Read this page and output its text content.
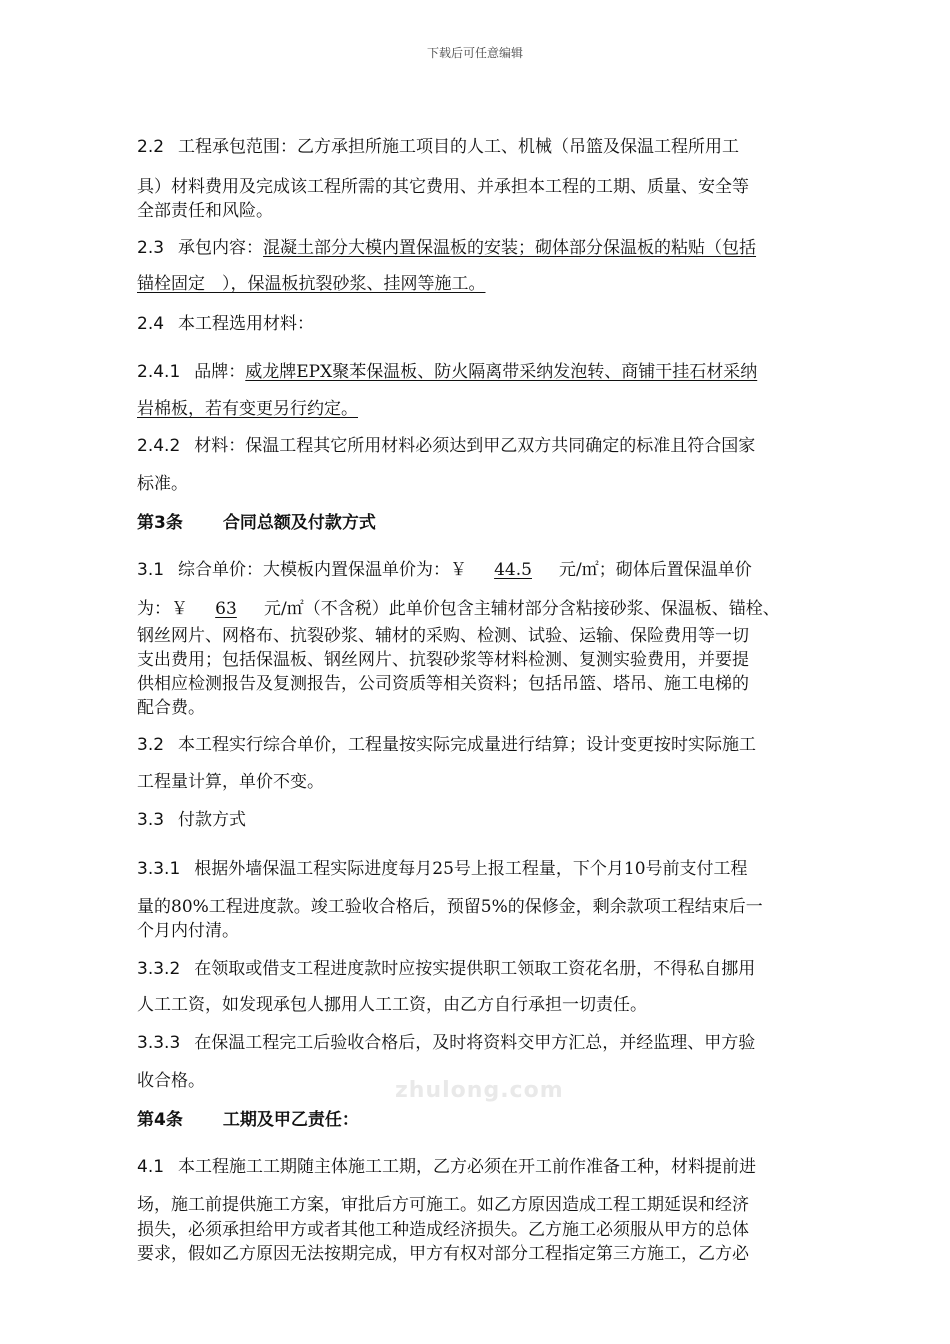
下载后可任意编辑
zhulong.com
2.2 工程承包范围：乙方承担所施工项目的人工、机械（吊篮及保温工程所用工
具）材料费用及完成该工程所需的其它费用、并承担本工程的工期、质量、安全等
全部责任和风险。
2.3 承包内容：混凝土部分大模内置保温板的安装；砌体部分保温板的粘贴（包括
锚栓固定　），保温板抗裂砂浆、挂网等施工。
2.4 本工程选用材料：
2.4.1 品牌：威龙牌EPX聚苯保温板、防火隔离带采纳发泡转、商铺干挂石材采纳
岩棉板，若有变更另行约定。
2.4.2 材料：保温工程其它所用材料必须达到甲乙双方共同确定的标准且符合国家
标准。
第3条 合同总额及付款方式
3.1 综合单价：大模板内置保温单价为：￥ 44.5 元/㎡；砌体后置保温单价
为：￥ 63 元/㎡（不含税）此单价包含主辅材部分含粘接砂浆、保温板、锚栓、
钢丝网片、网格布、抗裂砂浆、辅材的采购、检测、试验、运输、保险费用等一切
支出费用；包括保温板、钢丝网片、抗裂砂浆等材料检测、复测实验费用，并要提
供相应检测报告及复测报告，公司资质等相关资料；包括吊篮、塔吊、施工电梯的
配合费。
3.2 本工程实行综合单价，工程量按实际完成量进行结算；设计变更按时实际施工
工程量计算，单价不变。
3.3 付款方式
3.3.1 根据外墙保温工程实际进度每月25号上报工程量，下个月10号前支付工程
量的80%工程进度款。竣工验收合格后，预留5%的保修金，剩余款项工程结束后一
个月内付清。
3.3.2 在领取或借支工程进度款时应按实提供职工领取工资花名册，不得私自挪用
人工工资，如发现承包人挪用人工工资，由乙方自行承担一切责任。
3.3.3 在保温工程完工后验收合格后，及时将资料交甲方汇总，并经监理、甲方验
收合格。
第4条 工期及甲乙责任：
4.1 本工程施工工期随主体施工工期，乙方必须在开工前作准备工种，材料提前进
场，施工前提供施工方案，审批后方可施工。如乙方原因造成工程工期延误和经济
损失，必须承担给甲方或者其他工种造成经济损失。乙方施工必须服从甲方的总体
要求，假如乙方原因无法按期完成，甲方有权对部分工程指定第三方施工，乙方必
